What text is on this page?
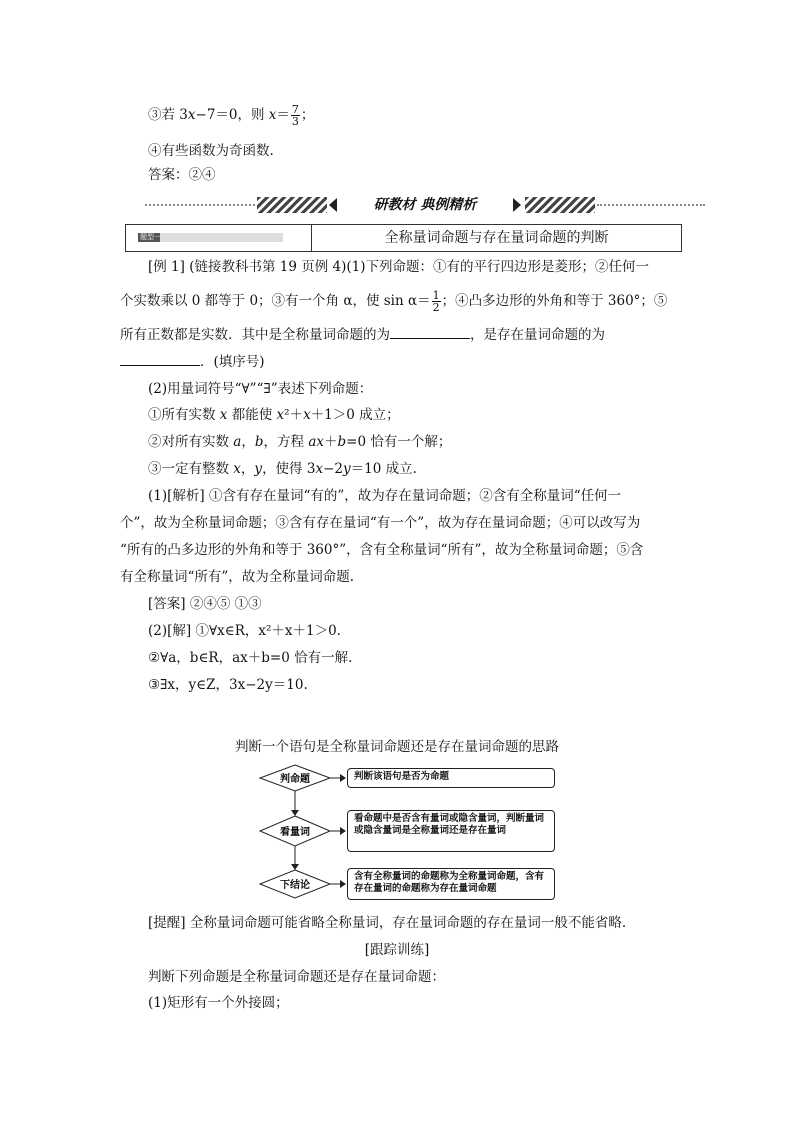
③若 3x−7＝0，则 $x= \frac{7}{3}$ ；
④有些函数为奇函数.
答案：②④
研教材 典例精析
题型一	全称量词命题与存在量词命题的判断
[例 1] (链接教科书第 19 页例 4)(1)下列命题：①有的平行四边形是菱形；②任何一
个实数乘以 0 都等于 0；③有一个角 α，使 $\sin \alpha= \frac{1}{2}$ ；④凸多边形的外角和等于 360°；⑤
所有正数都是实数．其中是全称量词命题的为	，是存在量词命题的为
．(填序号)
(2)用量词符号“∀”“∃”表述下列命题：
①所有实数 x 都能使 x²＋x＋1＞0 成立；
②对所有实数 a，b，方程 ax＋b=0 恰有一个解；
③一定有整数 x，y，使得 3x−2y＝10 成立.
(1)[解析] ①含有存在量词“有的”，故为存在量词命题；②含有全称量词“任何一
个”，故为全称量词命题；③含有存在量词“有一个”，故为存在量词命题；④可以改写为
“所有的凸多边形的外角和等于 360°”，含有全称量词“所有”，故为全称量词命题；⑤含
有全称量词“所有”，故为全称量词命题.
[答案] ②④⑤ ①③
(2)[解] ①∀x∈R，x²＋x＋1＞0.
②∀a，b∈R，ax＋b=0 恰有一解.
③∃x，y∈Z，3x−2y＝10.
判断一个语句是全称量词命题还是存在量词命题的思路
判命题
看量词
下结论
判断该语句是否为命题
看命题中是否含有量词或隐含量词，判断量词或隐含量词是全称量词还是存在量词
含有全称量词的命题称为全称量词命题，含有存在量词的命题称为存在量词命题
[提醒] 全称量词命题可能省略全称量词，存在量词命题的存在量词一般不能省略.
[跟踪训练]
判断下列命题是全称量词命题还是存在量词命题：
(1)矩形有一个外接圆；
